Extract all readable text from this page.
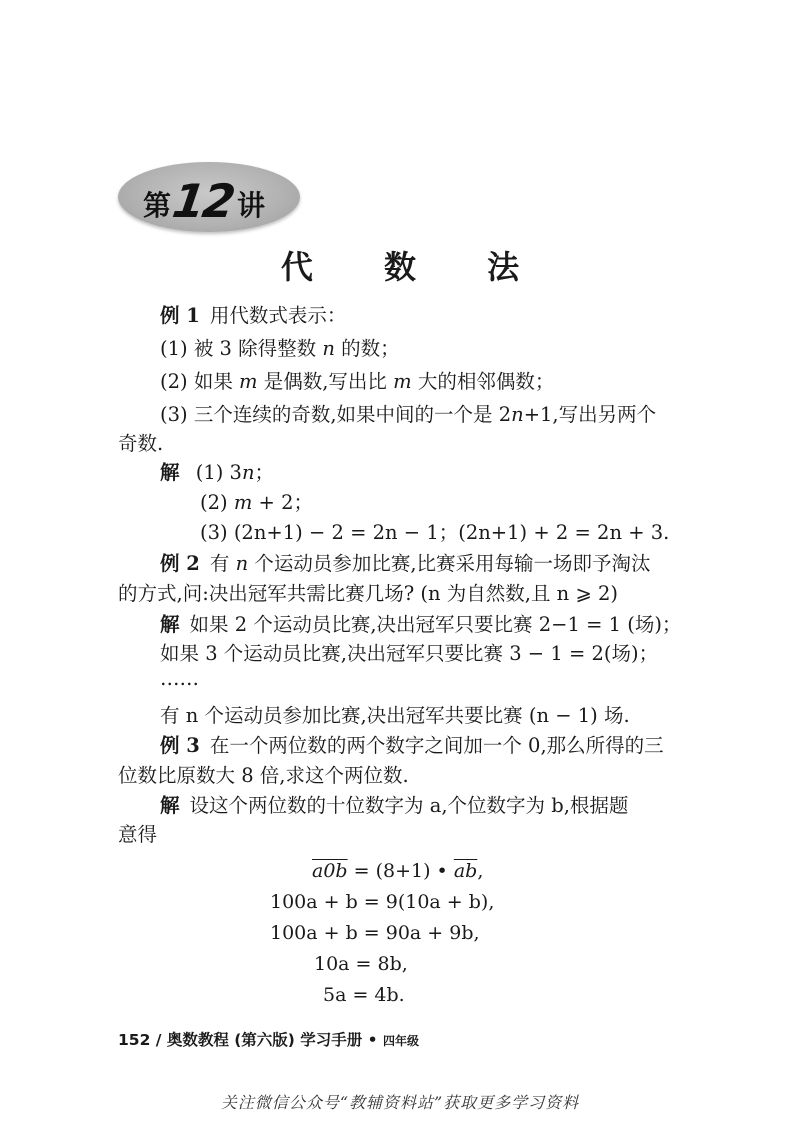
第
12 讲
代 数 法
例 1 用代数式表示：
(1) 被 3 除得整数 n 的数；
(2) 如果 m 是偶数,写出比 m 大的相邻偶数；
(3) 三个连续的奇数,如果中间的一个是 2n+1,写出另两个
奇数.
解 (1) 3n；
(2) m + 2；
(3) (2n+1) − 2 = 2n − 1；(2n+1) + 2 = 2n + 3.
例 2 有 n 个运动员参加比赛,比赛采用每输一场即予淘汰
的方式,问:决出冠军共需比赛几场? (n 为自然数,且 n ⩾ 2)
解 如果 2 个运动员比赛,决出冠军只要比赛 2−1 = 1 (场)；
如果 3 个运动员比赛,决出冠军只要比赛 3 − 1 = 2(场)；
……
有 n 个运动员参加比赛,决出冠军共要比赛 (n − 1) 场.
例 3 在一个两位数的两个数字之间加一个 0,那么所得的三
位数比原数大 8 倍,求这个两位数.
解 设这个两位数的十位数字为 a,个位数字为 b,根据题
意得
a0b = (8+1) • $\overline{ab}$,
100a + b = 9(10a + b),
100a + b = 90a + 9b,
10a = 8b,
5a = 4b.
152 / 奥数教程 (第六版) 学习手册 • 四年级
关注微信公众号“教辅资料站”获取更多学习资料
